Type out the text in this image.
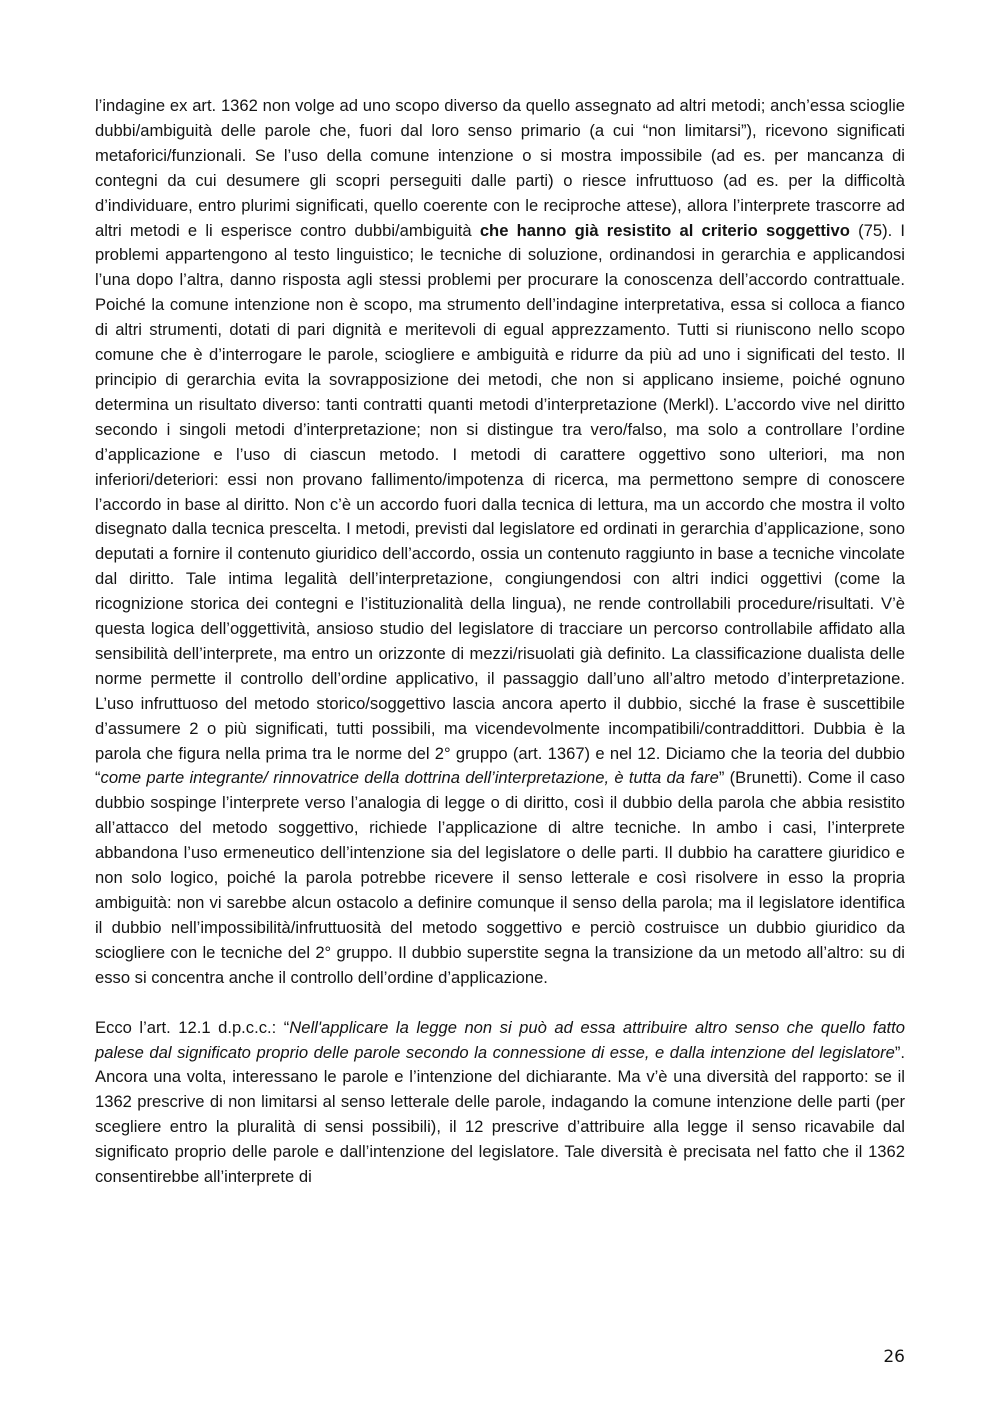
l’indagine ex art. 1362 non volge ad uno scopo diverso da quello assegnato ad altri metodi; anch’essa scioglie dubbi/ambiguità delle parole che, fuori dal loro senso primario (a cui “non limitarsi”), ricevono significati metaforici/funzionali. Se l’uso della comune intenzione o si mostra impossibile (ad es. per mancanza di contegni da cui desumere gli scopri perseguiti dalle parti) o riesce infruttuoso (ad es. per la difficoltà d’individuare, entro plurimi significati, quello coerente con le reciproche attese), allora l’interprete trascorre ad altri metodi e li esperisce contro dubbi/ambiguità che hanno già resistito al criterio soggettivo (75). I problemi appartengono al testo linguistico; le tecniche di soluzione, ordinandosi in gerarchia e applicandosi l’una dopo l’altra, danno risposta agli stessi problemi per procurare la conoscenza dell’accordo contrattuale. Poiché la comune intenzione non è scopo, ma strumento dell’indagine interpretativa, essa si colloca a fianco di altri strumenti, dotati di pari dignità e meritevoli di egual apprezzamento. Tutti si riuniscono nello scopo comune che è d’interrogare le parole, sciogliere e ambiguità e ridurre da più ad uno i significati del testo. Il principio di gerarchia evita la sovrapposizione dei metodi, che non si applicano insieme, poiché ognuno determina un risultato diverso: tanti contratti quanti metodi d’interpretazione (Merkl). L’accordo vive nel diritto secondo i singoli metodi d’interpretazione; non si distingue tra vero/falso, ma solo a controllare l’ordine d’applicazione e l’uso di ciascun metodo. I metodi di carattere oggettivo sono ulteriori, ma non inferiori/deteriori: essi non provano fallimento/impotenza di ricerca, ma permettono sempre di conoscere l’accordo in base al diritto. Non c’è un accordo fuori dalla tecnica di lettura, ma un accordo che mostra il volto disegnato dalla tecnica prescelta. I metodi, previsti dal legislatore ed ordinati in gerarchia d’applicazione, sono deputati a fornire il contenuto giuridico dell’accordo, ossia un contenuto raggiunto in base a tecniche vincolate dal diritto. Tale intima legalità dell’interpretazione, congiungendosi con altri indici oggettivi (come la ricognizione storica dei contegni e l’istituzionalità della lingua), ne rende controllabili procedure/risultati. V’è questa logica dell’oggettività, ansioso studio del legislatore di tracciare un percorso controllabile affidato alla sensibilità dell’interprete, ma entro un orizzonte di mezzi/risuolati già definito. La classificazione dualista delle norme permette il controllo dell’ordine applicativo, il passaggio dall’uno all’altro metodo d’interpretazione. L’uso infruttuoso del metodo storico/soggettivo lascia ancora aperto il dubbio, sicché la frase è suscettibile d’assumere 2 o più significati, tutti possibili, ma vicendevolmente incompatibili/contraddittori. Dubbia è la parola che figura nella prima tra le norme del 2° gruppo (art. 1367) e nel 12. Diciamo che la teoria del dubbio “come parte integrante/ rinnovatrice della dottrina dell’interpretazione, è tutta da fare” (Brunetti). Come il caso dubbio sospinge l’interprete verso l’analogia di legge o di diritto, così il dubbio della parola che abbia resistito all’attacco del metodo soggettivo, richiede l’applicazione di altre tecniche. In ambo i casi, l’interprete abbandona l’uso ermeneutico dell’intenzione sia del legislatore o delle parti. Il dubbio ha carattere giuridico e non solo logico, poiché la parola potrebbe ricevere il senso letterale e così risolvere in esso la propria ambiguità: non vi sarebbe alcun ostacolo a definire comunque il senso della parola; ma il legislatore identifica il dubbio nell’impossibilità/infruttuosità del metodo soggettivo e perciò costruisce un dubbio giuridico da sciogliere con le tecniche del 2° gruppo. Il dubbio superstite segna la transizione da un metodo all’altro: su di esso si concentra anche il controllo dell’ordine d’applicazione.

Ecco l’art. 12.1 d.p.c.c.: “Nell'applicare la legge non si può ad essa attribuire altro senso che quello fatto palese dal significato proprio delle parole secondo la connessione di esse, e dalla intenzione del legislatore”. Ancora una volta, interessano le parole e l’intenzione del dichiarante. Ma v’è una diversità del rapporto: se il 1362 prescrive di non limitarsi al senso letterale delle parole, indagando la comune intenzione delle parti (per scegliere entro la pluralità di sensi possibili), il 12 prescrive d’attribuire alla legge il senso ricavabile dal significato proprio delle parole e dall’intenzione del legislatore. Tale diversità è precisata nel fatto che il 1362 consentirebbe all’interprete di

26
